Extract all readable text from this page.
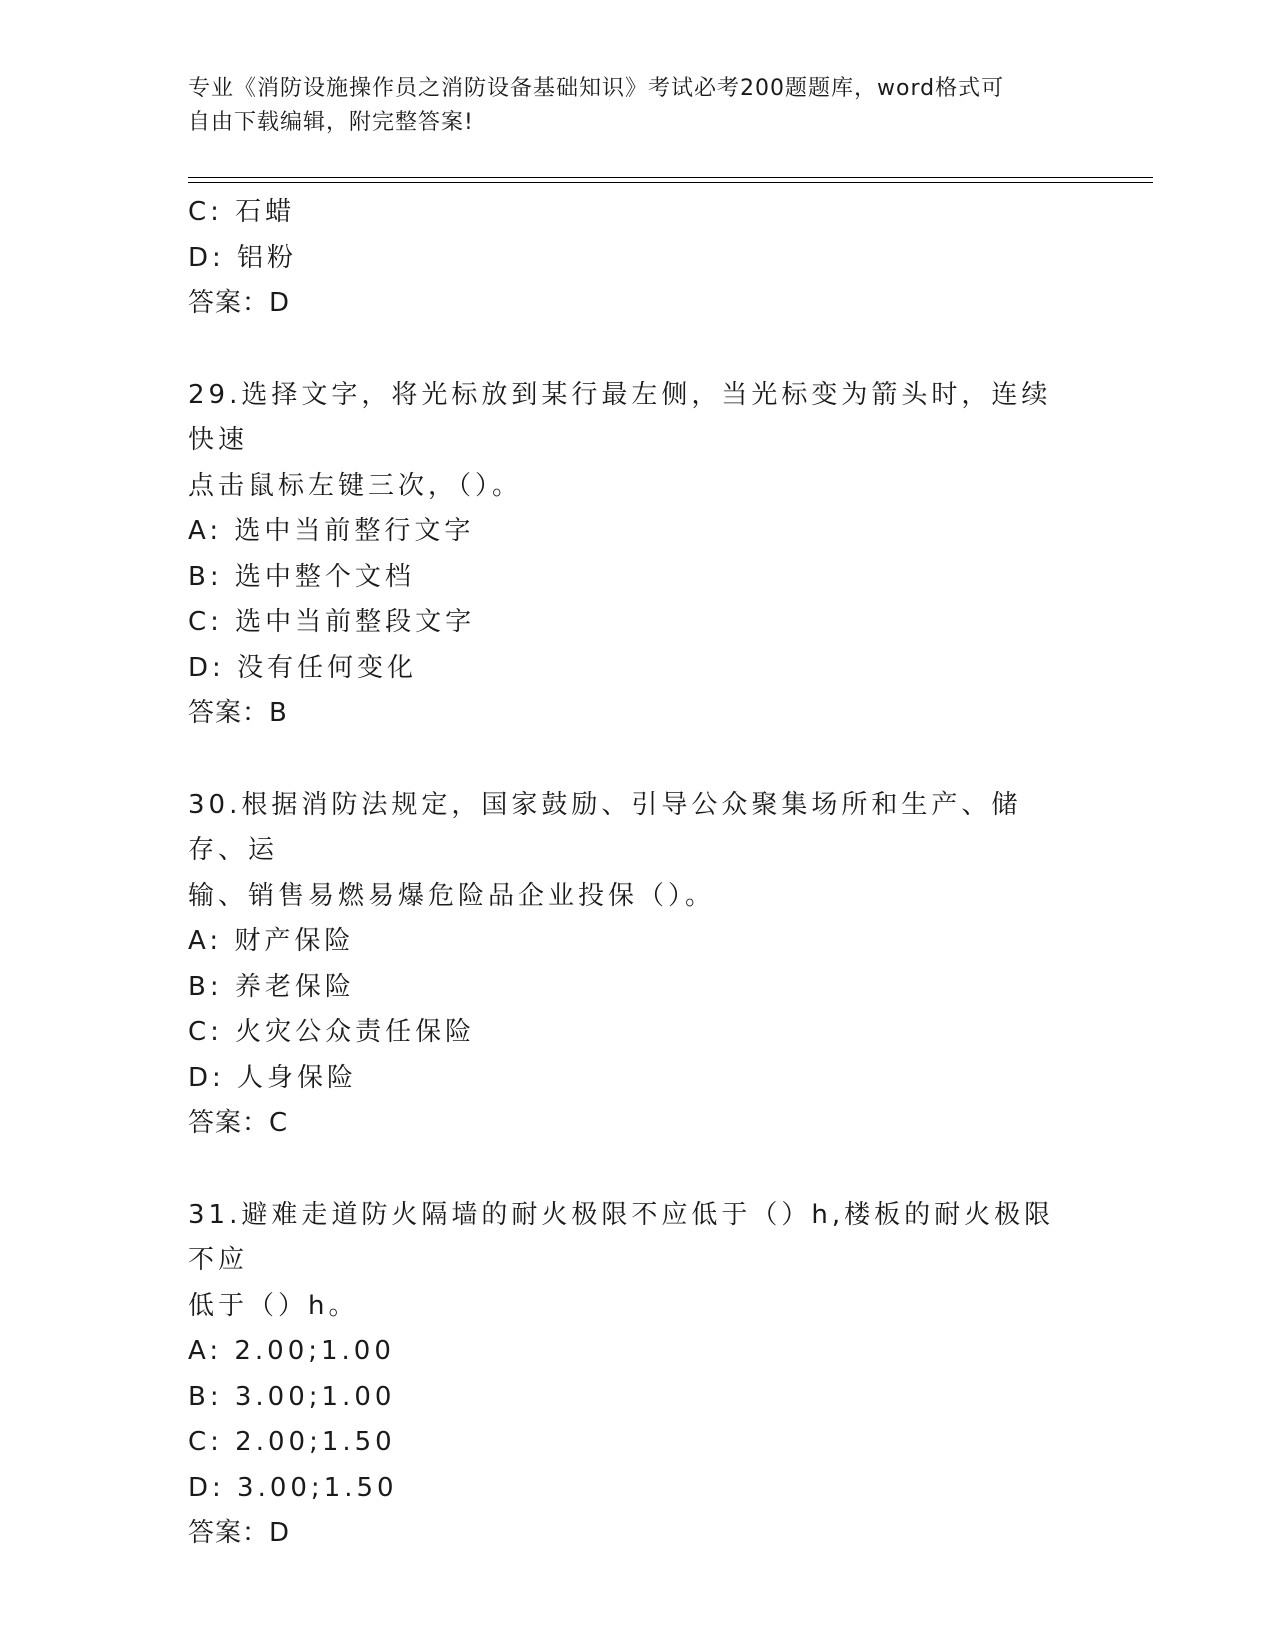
专业《消防设施操作员之消防设备基础知识》考试必考200题题库，word格式可
自由下载编辑，附完整答案!
C: 石蜡
D: 铝粉
答案：D
29.选择文字，将光标放到某行最左侧，当光标变为箭头时，连续快速
点击鼠标左键三次，（）。
A: 选中当前整行文字
B: 选中整个文档
C: 选中当前整段文字
D: 没有任何变化
答案：B
30.根据消防法规定，国家鼓励、引导公众聚集场所和生产、储存、运
输、销售易燃易爆危险品企业投保（）。
A: 财产保险
B: 养老保险
C: 火灾公众责任保险
D: 人身保险
答案：C
31.避难走道防火隔墙的耐火极限不应低于（）h,楼板的耐火极限不应
低于（）h。
A: 2.00;1.00
B: 3.00;1.00
C: 2.00;1.50
D: 3.00;1.50
答案：D
